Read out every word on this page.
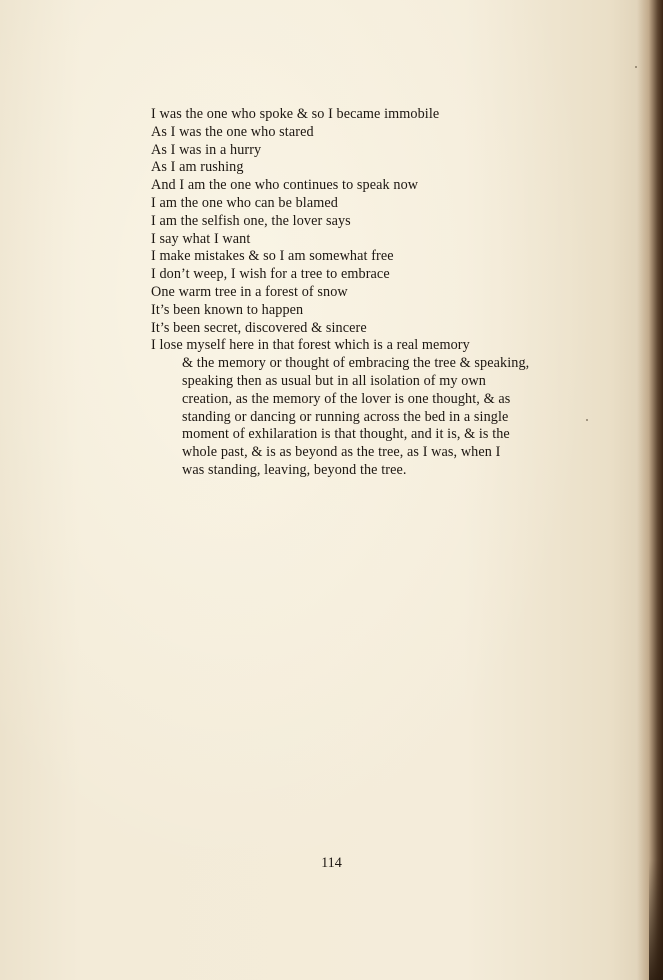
I was the one who spoke & so I became immobile
As I was the one who stared
As I was in a hurry
As I am rushing
And I am the one who continues to speak now
I am the one who can be blamed
I am the selfish one, the lover says
I say what I want
I make mistakes & so I am somewhat free
I don’t weep, I wish for a tree to embrace
One warm tree in a forest of snow
It’s been known to happen
It’s been secret, discovered & sincere
I lose myself here in that forest which is a real memory
& the memory or thought of embracing the tree & speaking,
speaking then as usual but in all isolation of my own
creation, as the memory of the lover is one thought, & as
standing or dancing or running across the bed in a single
moment of exhilaration is that thought, and it is, & is the
whole past, & is as beyond as the tree, as I was, when I
was standing, leaving, beyond the tree.
114
